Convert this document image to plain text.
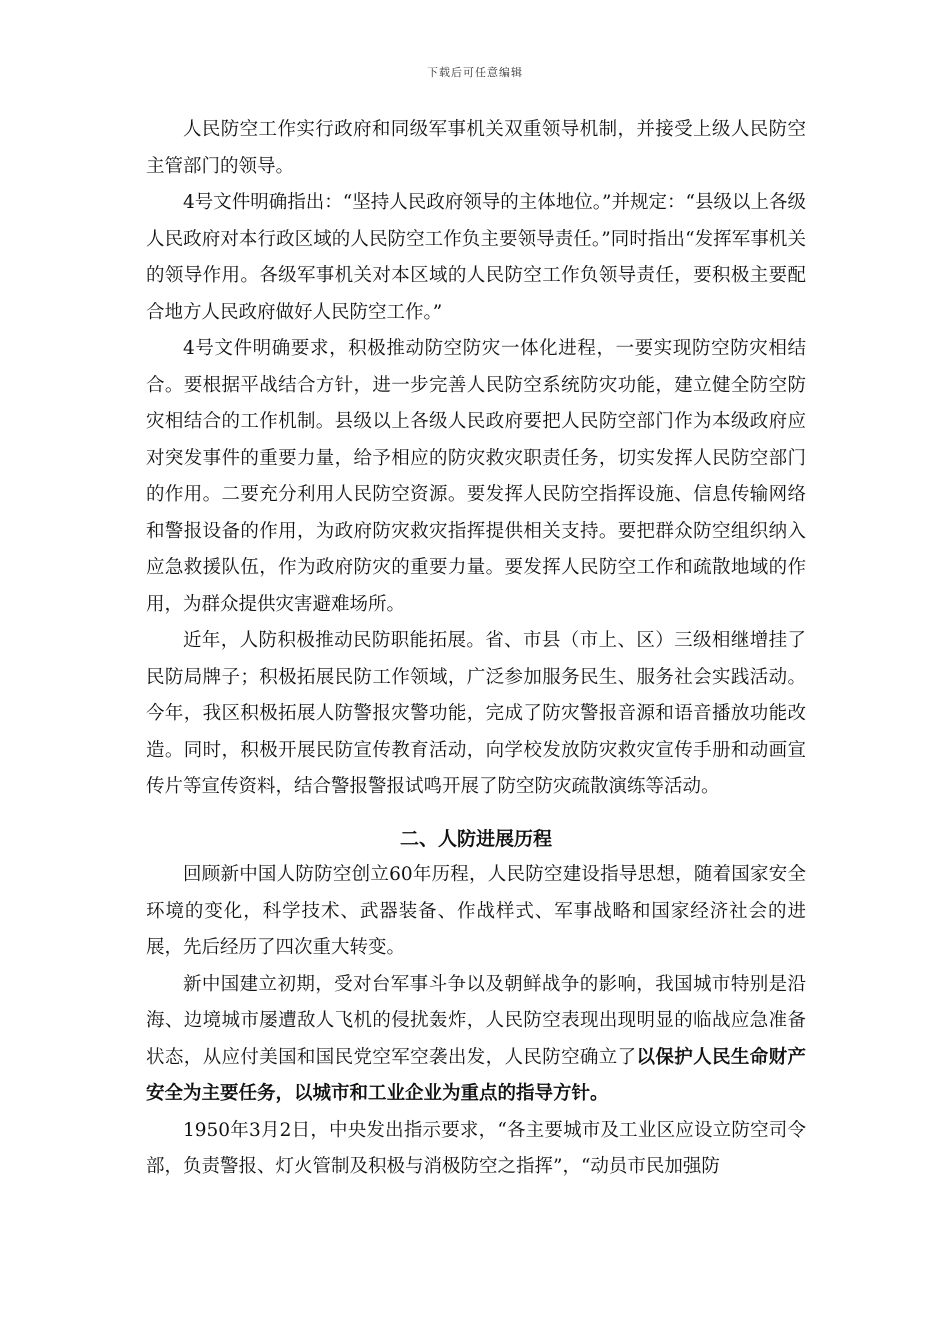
下载后可任意编辑

人民防空工作实行政府和同级军事机关双重领导机制，并接受上级人民防空主管部门的领导。

4号文件明确指出：“坚持人民政府领导的主体地位。”并规定：“县级以上各级人民政府对本行政区域的人民防空工作负主要领导责任。”同时指出“发挥军事机关的领导作用。各级军事机关对本区域的人民防空工作负领导责任，要积极主要配合地方人民政府做好人民防空工作。”

4号文件明确要求，积极推动防空防灾一体化进程，一要实现防空防灾相结合。要根据平战结合方针，进一步完善人民防空系统防灾功能，建立健全防空防灾相结合的工作机制。县级以上各级人民政府要把人民防空部门作为本级政府应对突发事件的重要力量，给予相应的防灾救灾职责任务，切实发挥人民防空部门的作用。二要充分利用人民防空资源。要发挥人民防空指挥设施、信息传输网络和警报设备的作用，为政府防灾救灾指挥提供相关支持。要把群众防空组织纳入应急救援队伍，作为政府防灾的重要力量。要发挥人民防空工作和疏散地域的作用，为群众提供灾害避难场所。

近年，人防积极推动民防职能拓展。省、市县（市上、区）三级相继增挂了民防局牌子；积极拓展民防工作领域，广泛参加服务民生、服务社会实践活动。今年，我区积极拓展人防警报灾警功能，完成了防灾警报音源和语音播放功能改造。同时，积极开展民防宣传教育活动，向学校发放防灾救灾宣传手册和动画宣传片等宣传资料，结合警报警报试鸣开展了防空防灾疏散演练等活动。

二、人防进展历程

回顾新中国人防防空创立60年历程，人民防空建设指导思想，随着国家安全环境的变化，科学技术、武器装备、作战样式、军事战略和国家经济社会的进展，先后经历了四次重大转变。

新中国建立初期，受对台军事斗争以及朝鲜战争的影响，我国城市特别是沿海、边境城市屡遭敌人飞机的侵扰轰炸，人民防空表现出现明显的临战应急准备状态，从应付美国和国民党空军空袭出发，人民防空确立了以保护人民生命财产安全为主要任务，以城市和工业企业为重点的指导方针。

1950年3月2日，中央发出指示要求，“各主要城市及工业区应设立防空司令部，负责警报、灯火管制及积极与消极防空之指挥”，“动员市民加强防
